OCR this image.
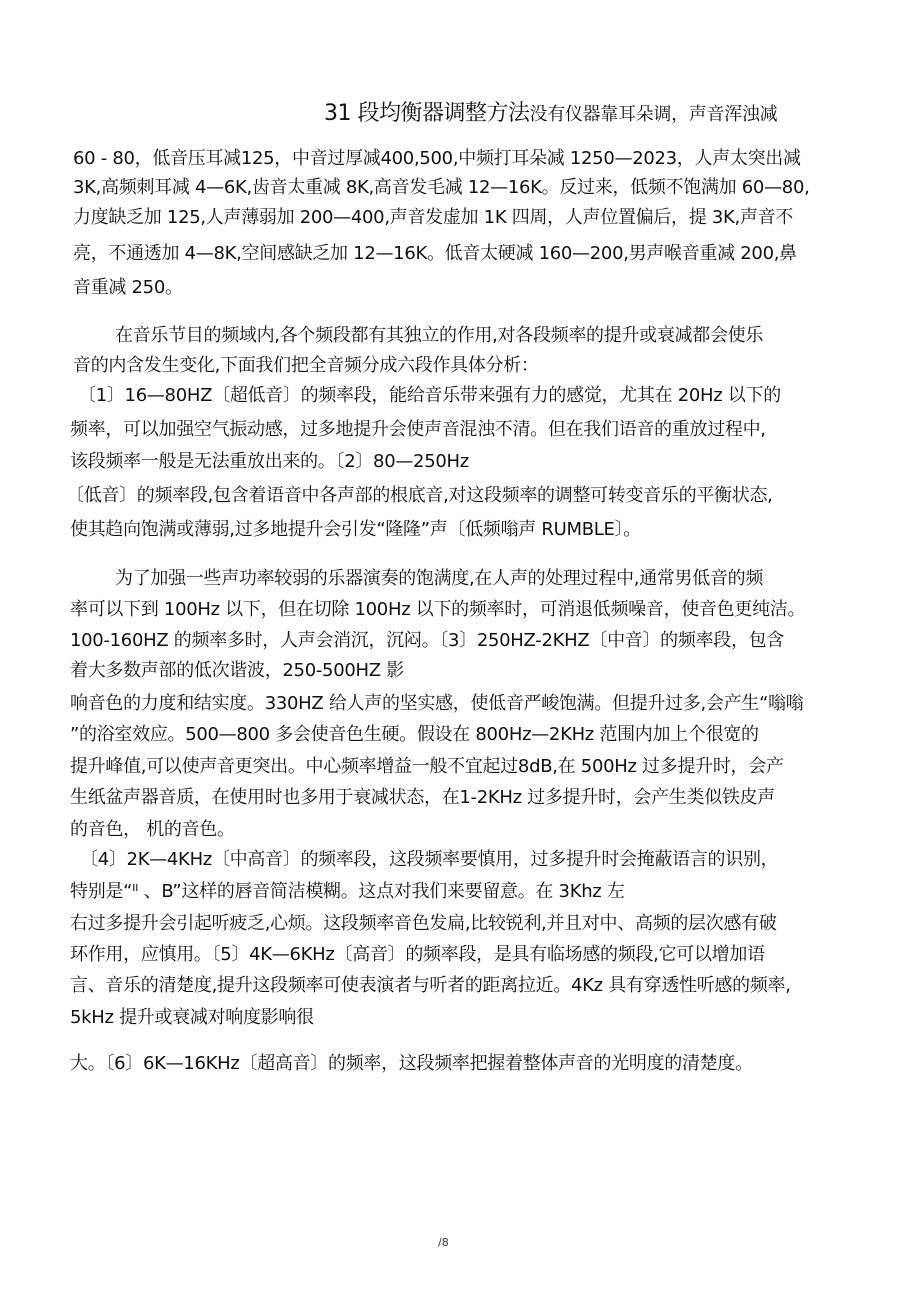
31 段均衡器调整方法没有仪器靠耳朵调，声音浑浊减
60 - 80，低音压耳减125，中音过厚减400,500,中频打耳朵减 1250—2023，人声太突出减
3K,高频刺耳减 4—6K,齿音太重减 8K,高音发毛减 12—16K。反过来，低频不饱满加 60—80,
力度缺乏加 125,人声薄弱加 200—400,声音发虚加 1K 四周，人声位置偏后，提 3K,声音不
亮，不通透加 4—8K,空间感缺乏加 12—16K。低音太硬减 160—200,男声喉音重减 200,鼻
音重减 250。
在音乐节目的频域内,各个频段都有其独立的作用,对各段频率的提升或衰减都会使乐
音的内含发生变化,下面我们把全音频分成六段作具体分析：
〔1〕16—80HZ〔超低音〕的频率段，能给音乐带来强有力的感觉，尤其在 20Hz 以下的
频率，可以加强空气振动感，过多地提升会使声音混浊不清。但在我们语音的重放过程中,
该段频率一般是无法重放出来的。〔2〕80—250Hz
〔低音〕的频率段,包含着语音中各声部的根底音,对这段频率的调整可转变音乐的平衡状态,
使其趋向饱满或薄弱,过多地提升会引发“隆隆”声〔低频嗡声 RUMBLE〕。
为了加强一些声功率较弱的乐器演奏的饱满度,在人声的处理过程中,通常男低音的频
率可以下到 100Hz 以下，但在切除 100Hz 以下的频率时，可消退低频噪音，使音色更纯洁。
100-160HZ 的频率多时，人声会消沉，沉闷。〔3〕250HZ-2KHZ〔中音〕的频率段，包含
着大多数声部的低次谐波，250-500HZ 影
响音色的力度和结实度。330HZ 给人声的坚实感，使低音严峻饱满。但提升过多,会产生“嗡嗡
”的浴室效应。500—800 多会使音色生硬。假设在 800Hz—2KHz 范围内加上个很宽的
提升峰值,可以使声音更突出。中心频率增益一般不宜起过8dB,在 500Hz 过多提升时，会产
生纸盆声器音质，在使用时也多用于衰减状态，在1-2KHz 过多提升时，会产生类似铁皮声
的音色， 机的音色。
〔4〕2K—4KHz〔中高音〕的频率段，这段频率要慎用，过多提升时会掩蔽语言的识别，
特别是“ᴵᴵ 、B”这样的唇音简洁模糊。这点对我们来要留意。在 3Khz 左
右过多提升会引起听疲乏,心烦。这段频率音色发扁,比较锐利,并且对中、高频的层次感有破
环作用，应慎用。〔5〕4K—6KHz〔高音〕的频率段，是具有临场感的频段,它可以增加语
言、音乐的清楚度,提升这段频率可使表演者与听者的距离拉近。4Kz 具有穿透性听感的频率,
5kHz 提升或衰减对响度影响很
大。〔6〕6K—16KHz〔超高音〕的频率，这段频率把握着整体声音的光明度的清楚度。
/8
